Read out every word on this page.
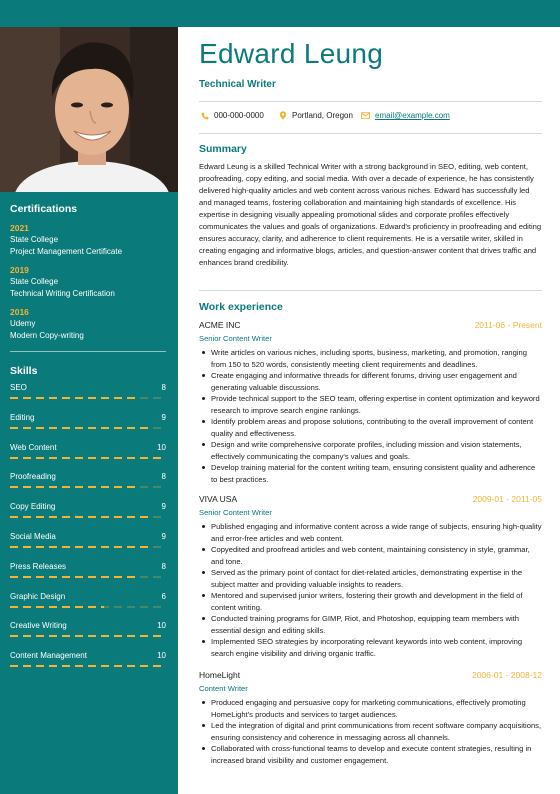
Certifications
2021
State College
Project Management Certificate
2019
State College
Technical Writing Certification
2016
Udemy
Modern Copy-writing
Skills
SEO	8
Editing	9
Web Content	10
Proofreading	8
Copy Editing	9
Social Media	9
Press Releases	8
Graphic Design	6
Creative Writing	10
Content Management	10
Edward Leung
Technical Writer
000-000-0000	Portland, Oregon	email@example.com
Summary
Edward Leung is a skilled Technical Writer with a strong background in SEO, editing, web content, proofreading, copy editing, and social media. With over a decade of experience, he has consistently delivered high-quality articles and web content across various niches. Edward has successfully led and managed teams, fostering collaboration and maintaining high standards of excellence. His expertise in designing visually appealing promotional slides and corporate profiles effectively communicates the values and goals of organizations. Edward's proficiency in proofreading and editing ensures accuracy, clarity, and adherence to client requirements. He is a versatile writer, skilled in creating engaging and informative blogs, articles, and question-answer content that drives traffic and enhances brand credibility.
Work experience
ACME INC	2011-06 - Present
Senior Content Writer
Write articles on various niches, including sports, business, marketing, and promotion, ranging from 150 to 520 words, consistently meeting client requirements and deadlines.
Create engaging and informative threads for different forums, driving user engagement and generating valuable discussions.
Provide technical support to the SEO team, offering expertise in content optimization and keyword research to improve search engine rankings.
Identify problem areas and propose solutions, contributing to the overall improvement of content quality and effectiveness.
Design and write comprehensive corporate profiles, including mission and vision statements, effectively communicating the company's values and goals.
Develop training material for the content writing team, ensuring consistent quality and adherence to best practices.
VIVA USA	2009-01 - 2011-05
Senior Content Writer
Published engaging and informative content across a wide range of subjects, ensuring high-quality and error-free articles and web content.
Copyedited and proofread articles and web content, maintaining consistency in style, grammar, and tone.
Served as the primary point of contact for diet-related articles, demonstrating expertise in the subject matter and providing valuable insights to readers.
Mentored and supervised junior writers, fostering their growth and development in the field of content writing.
Conducted training programs for GIMP, Riot, and Photoshop, equipping team members with essential design and editing skills.
Implemented SEO strategies by incorporating relevant keywords into web content, improving search engine visibility and driving organic traffic.
HomeLight	2006-01 - 2008-12
Content Writer
Produced engaging and persuasive copy for marketing communications, effectively promoting HomeLight's products and services to target audiences.
Led the integration of digital and print communications from recent software company acquisitions, ensuring consistency and coherence in messaging across all channels.
Collaborated with cross-functional teams to develop and execute content strategies, resulting in increased brand visibility and customer engagement.
